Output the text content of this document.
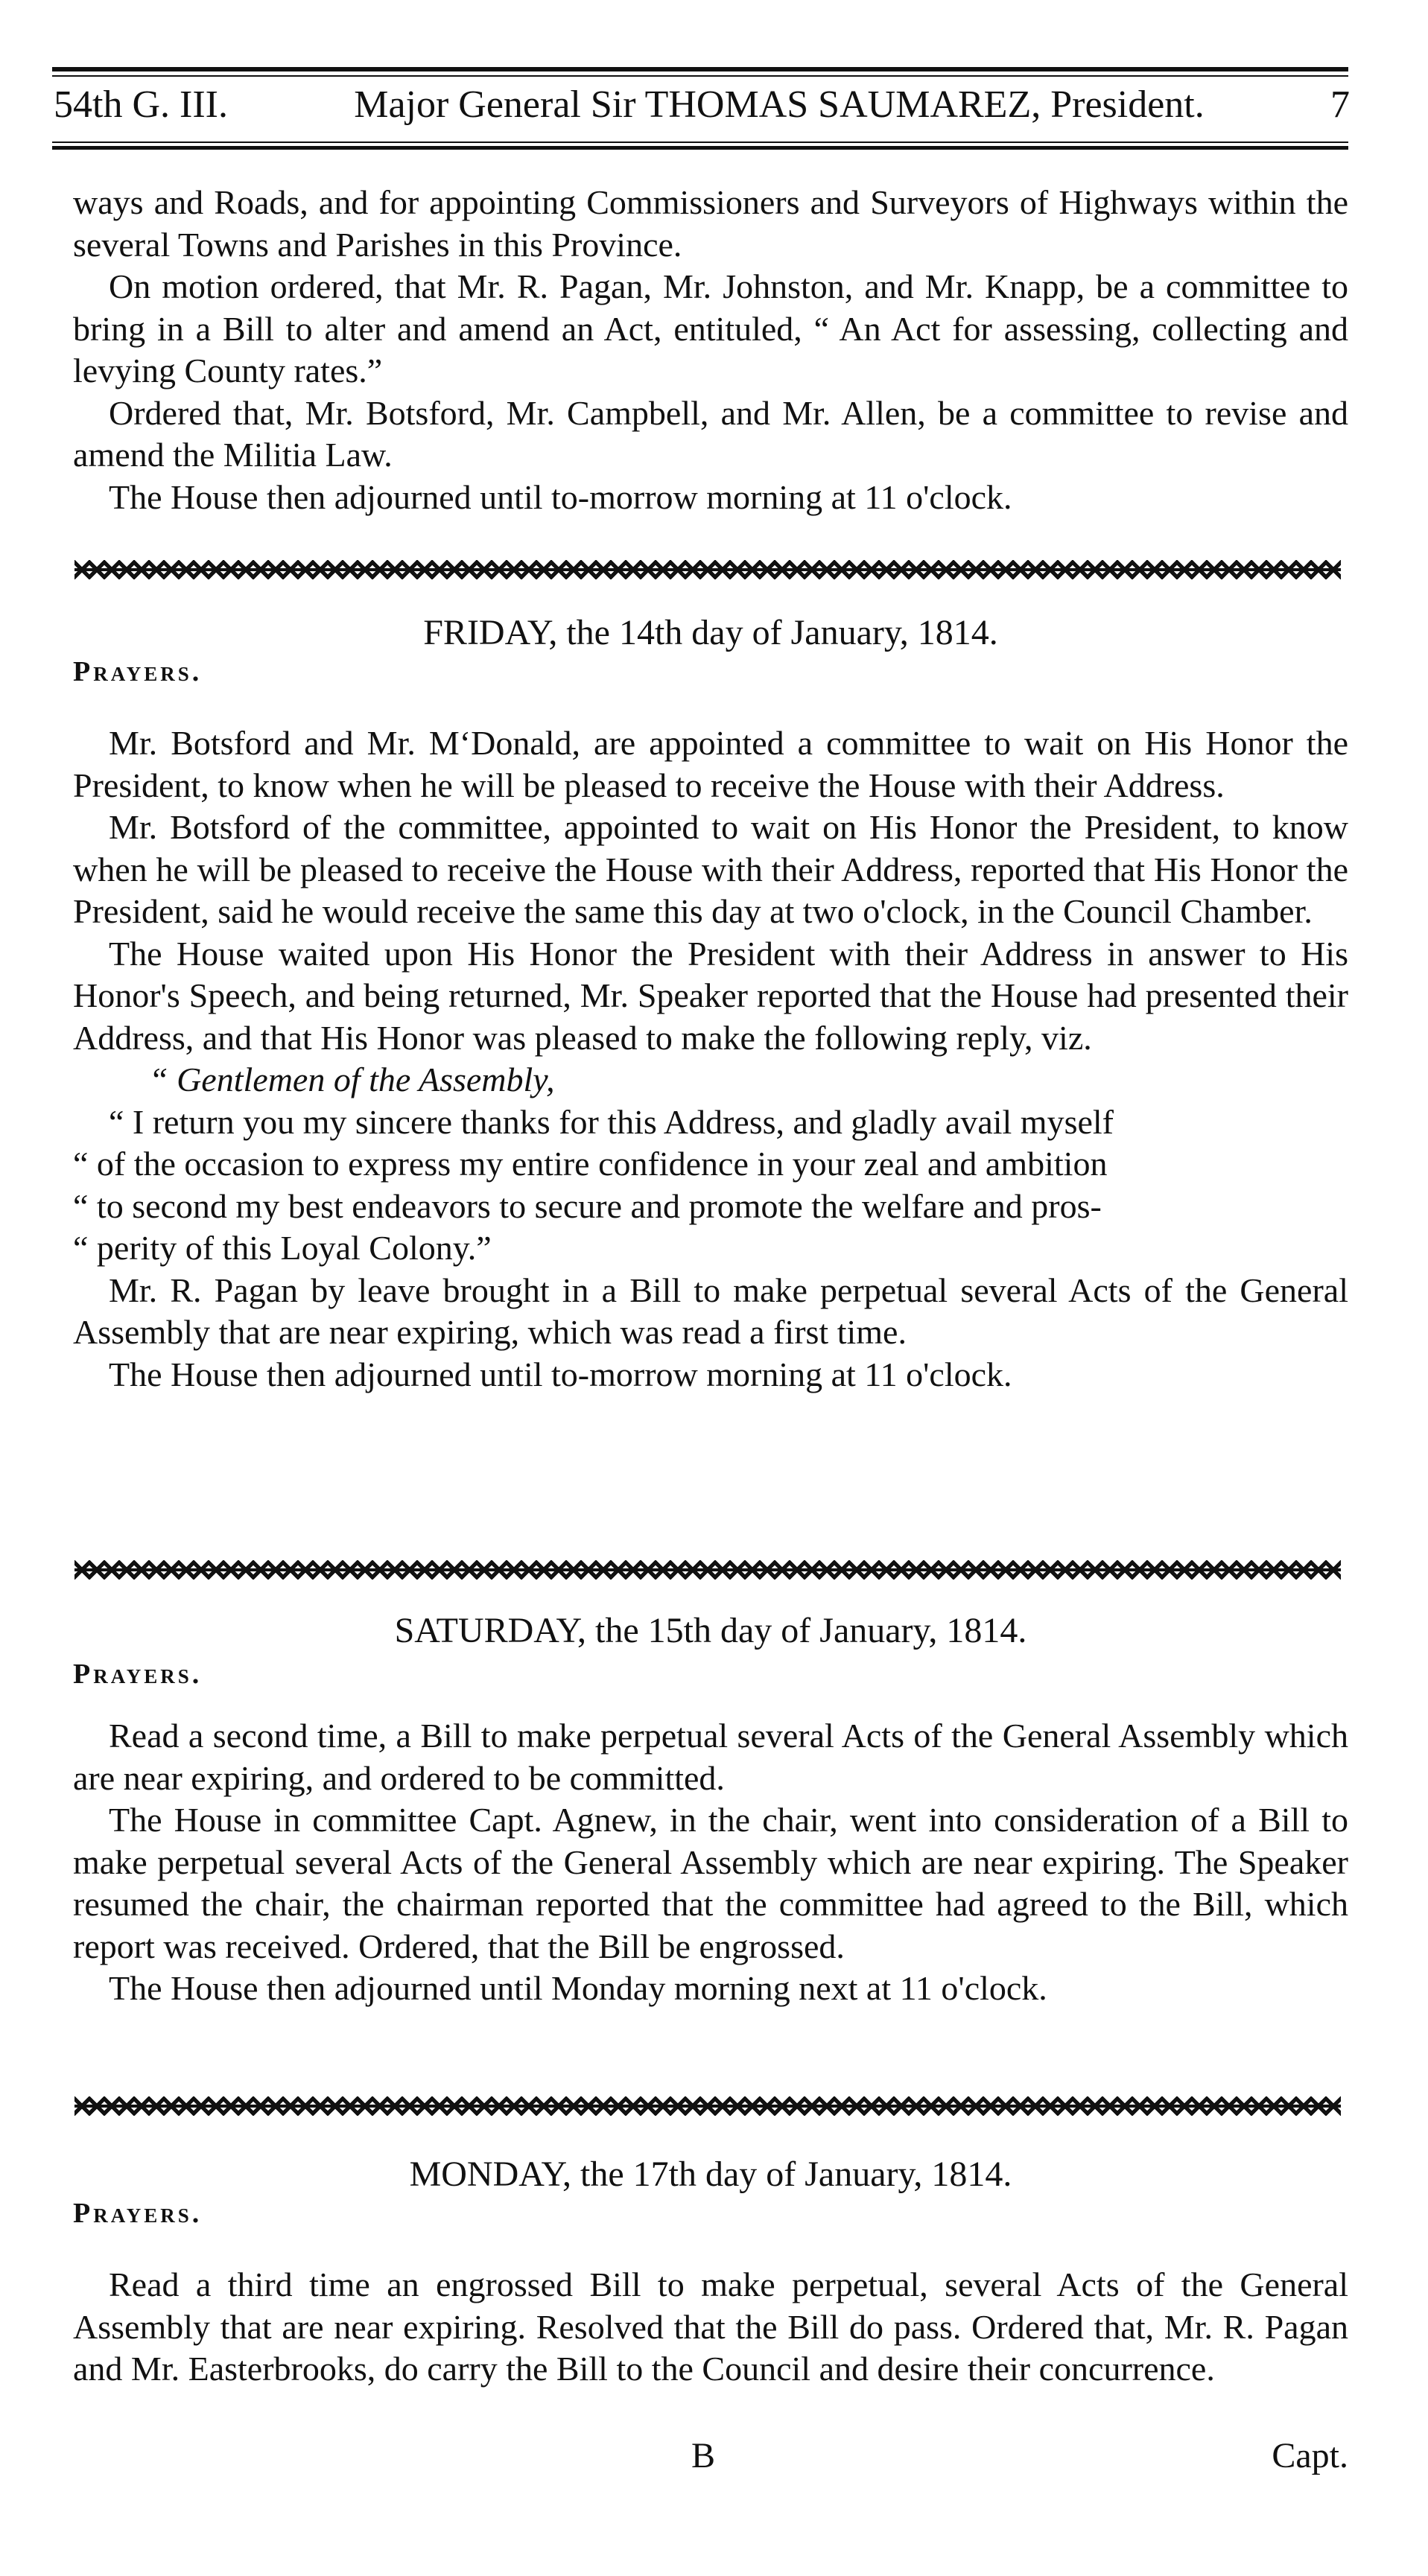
54th G. III.	Major General Sir THOMAS SAUMAREZ, President.	7

ways and Roads, and for appointing Commissioners and Surveyors of Highways within the several Towns and Parishes in this Province.

On motion ordered, that Mr. R. Pagan, Mr. Johnston, and Mr. Knapp, be a committee to bring in a Bill to alter and amend an Act, entituled, “ An Act for assessing, collecting and levying County rates.”

Ordered that, Mr. Botsford, Mr. Campbell, and Mr. Allen, be a committee to revise and amend the Militia Law.

The House then adjourned until to-morrow morning at 11 o'clock.

FRIDAY, the 14th day of January, 1814.
Prayers.

Mr. Botsford and Mr. M‘Donald, are appointed a committee to wait on His Honor the President, to know when he will be pleased to receive the House with their Address.

Mr. Botsford of the committee, appointed to wait on His Honor the President, to know when he will be pleased to receive the House with their Address, reported that His Honor the President, said he would receive the same this day at two o'clock, in the Council Chamber.

The House waited upon His Honor the President with their Address in answer to His Honor's Speech, and being returned, Mr. Speaker reported that the House had presented their Address, and that His Honor was pleased to make the following reply, viz.

“ Gentlemen of the Assembly,

“ I return you my sincere thanks for this Address, and gladly avail myself

“ of the occasion to express my entire confidence in your zeal and ambition

“ to second my best endeavors to secure and promote the welfare and pros-

“ perity of this Loyal Colony.”

Mr. R. Pagan by leave brought in a Bill to make perpetual several Acts of the General Assembly that are near expiring, which was read a first time.

The House then adjourned until to-morrow morning at 11 o'clock.

SATURDAY, the 15th day of January, 1814.
Prayers.

Read a second time, a Bill to make perpetual several Acts of the General Assembly which are near expiring, and ordered to be committed.

The House in committee Capt. Agnew, in the chair, went into consideration of a Bill to make perpetual several Acts of the General Assembly which are near expiring. The Speaker resumed the chair, the chairman reported that the committee had agreed to the Bill, which report was received. Ordered, that the Bill be engrossed.

The House then adjourned until Monday morning next at 11 o'clock.

MONDAY, the 17th day of January, 1814.
Prayers.

Read a third time an engrossed Bill to make perpetual, several Acts of the General Assembly that are near expiring. Resolved that the Bill do pass. Ordered that, Mr. R. Pagan and Mr. Easterbrooks, do carry the Bill to the Council and desire their concurrence.

B	Capt.
